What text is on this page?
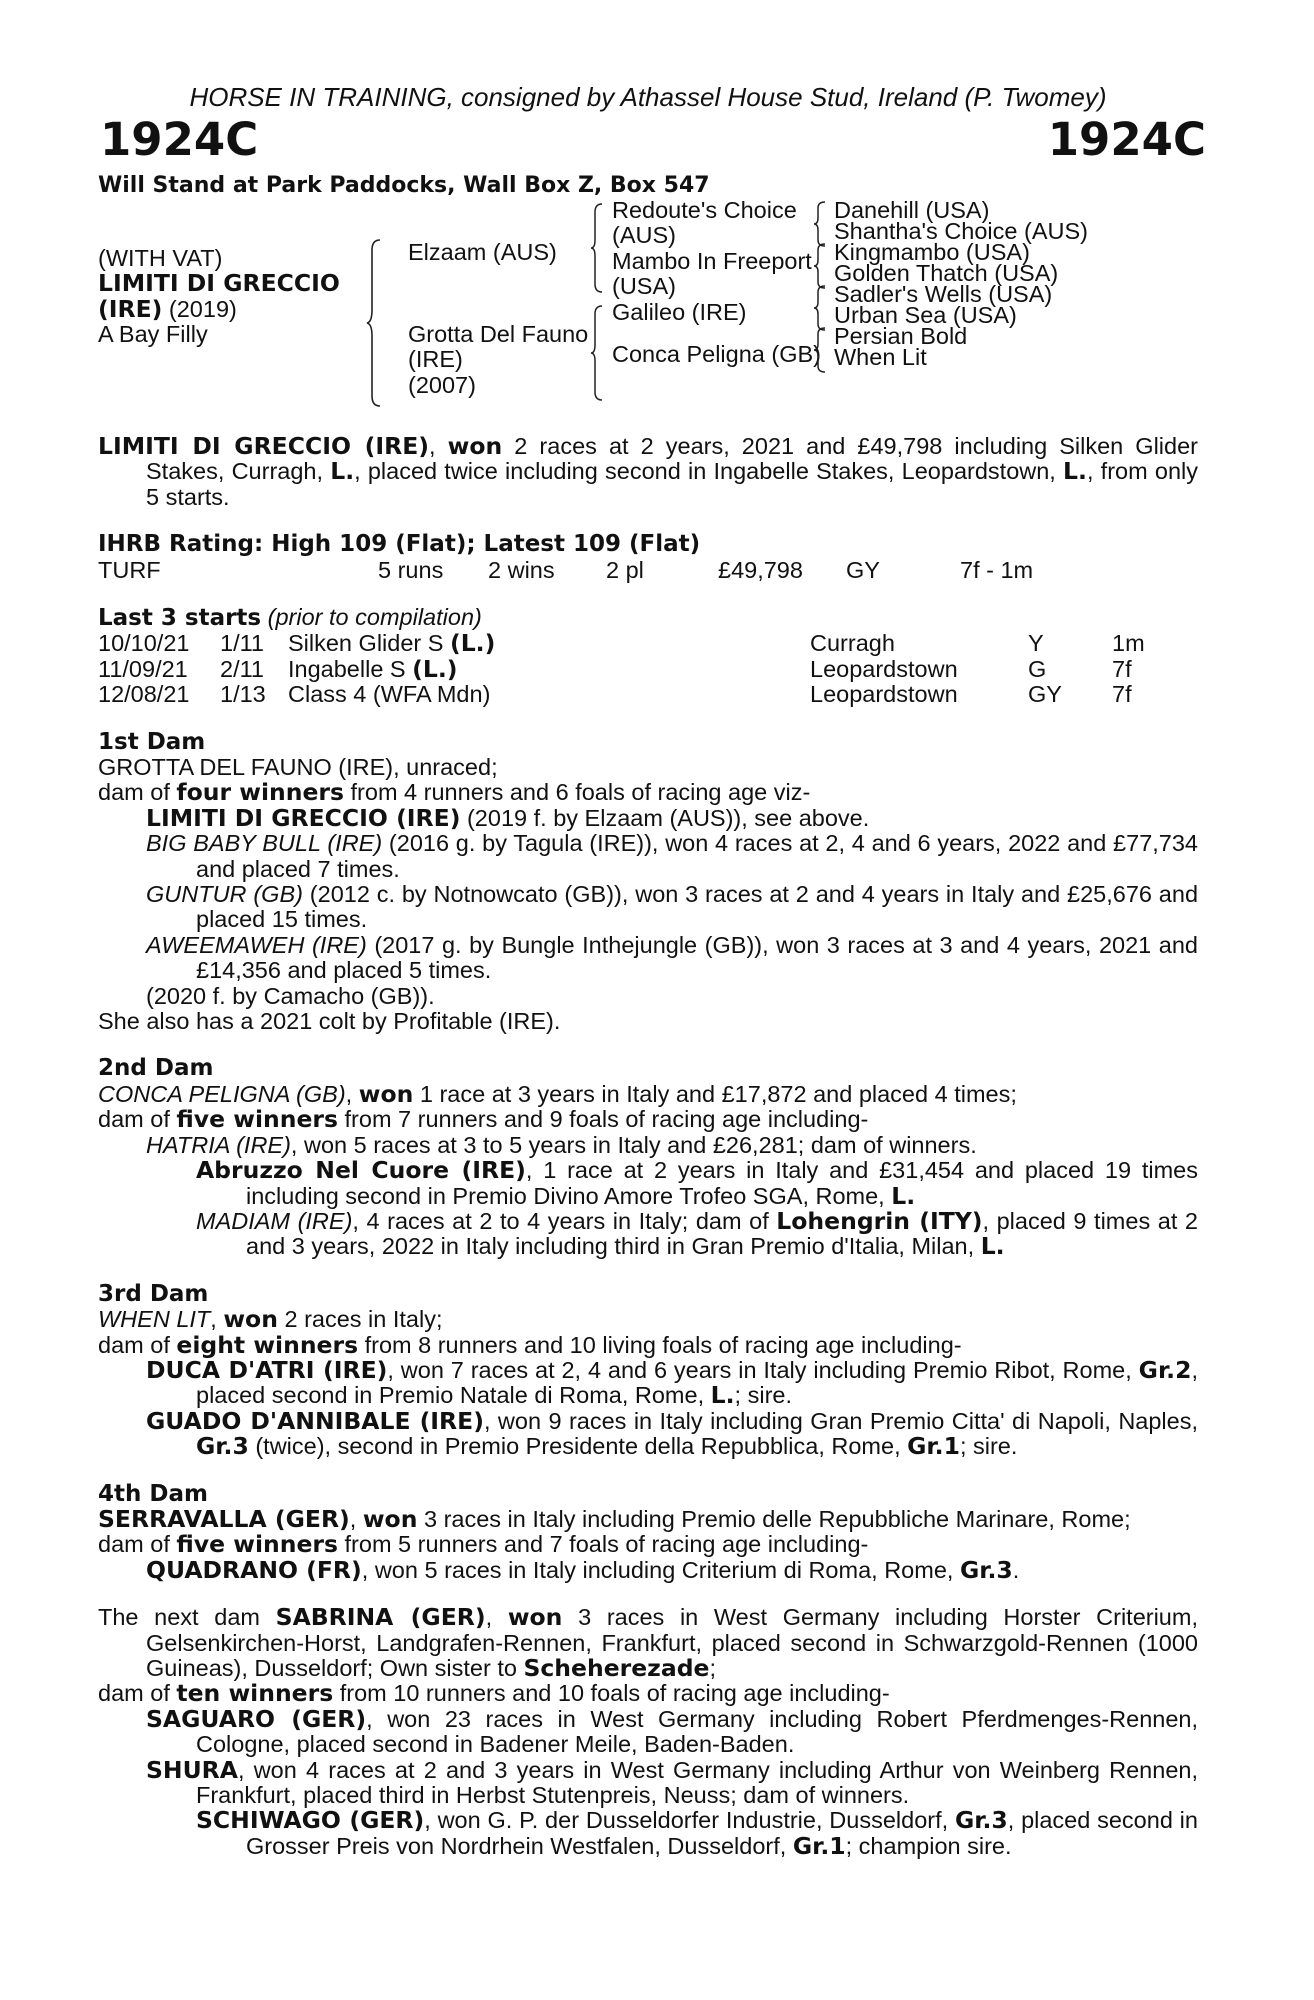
HORSE IN TRAINING, consigned by Athassel House Stud, Ireland (P. Twomey)
1924C	1924C
Will Stand at Park Paddocks, Wall Box Z, Box 547
(WITH VAT)
LIMITI DI GRECCIO
(IRE) (2019)
A Bay Filly
Elzaam (AUS)
Grotta Del Fauno
(IRE)
(2007)
Redoute's Choice
(AUS)
Mambo In Freeport
(USA)
Galileo (IRE)
Conca Peligna (GB)
Danehill (USA)
Shantha's Choice (AUS)
Kingmambo (USA)
Golden Thatch (USA)
Sadler's Wells (USA)
Urban Sea (USA)
Persian Bold
When Lit

LIMITI DI GRECCIO (IRE), won 2 races at 2 years, 2021 and £49,798 including Silken Glider Stakes, Curragh, L., placed twice including second in Ingabelle Stakes, Leopardstown, L., from only 5 starts.

IHRB Rating: High 109 (Flat); Latest 109 (Flat)
TURF	5 runs 2 wins 2 pl	£49,798 GY	7f - 1m
Last 3 starts (prior to compilation)
10/10/21 1/11 Silken Glider S (L.)	Curragh	Y	1m
11/09/21 2/11 Ingabelle S (L.)	Leopardstown	G	7f
12/08/21 1/13 Class 4 (WFA Mdn)	Leopardstown	GY 7f
1st Dam

GROTTA DEL FAUNO (IRE), unraced;

dam of four winners from 4 runners and 6 foals of racing age viz-

LIMITI DI GRECCIO (IRE) (2019 f. by Elzaam (AUS)), see above.

BIG BABY BULL (IRE) (2016 g. by Tagula (IRE)), won 4 races at 2, 4 and 6 years, 2022 and £77,734 and placed 7 times.

GUNTUR (GB) (2012 c. by Notnowcato (GB)), won 3 races at 2 and 4 years in Italy and £25,676 and placed 15 times.

AWEEMAWEH (IRE) (2017 g. by Bungle Inthejungle (GB)), won 3 races at 3 and 4 years, 2021 and £14,356 and placed 5 times.

(2020 f. by Camacho (GB)).

She also has a 2021 colt by Profitable (IRE).

2nd Dam

CONCA PELIGNA (GB), won 1 race at 3 years in Italy and £17,872 and placed 4 times;

dam of five winners from 7 runners and 9 foals of racing age including-

HATRIA (IRE), won 5 races at 3 to 5 years in Italy and £26,281; dam of winners.

Abruzzo Nel Cuore (IRE), 1 race at 2 years in Italy and £31,454 and placed 19 times including second in Premio Divino Amore Trofeo SGA, Rome, L.

MADIAM (IRE), 4 races at 2 to 4 years in Italy; dam of Lohengrin (ITY), placed 9 times at 2 and 3 years, 2022 in Italy including third in Gran Premio d'Italia, Milan, L.

3rd Dam

WHEN LIT, won 2 races in Italy;

dam of eight winners from 8 runners and 10 living foals of racing age including-

DUCA D'ATRI (IRE), won 7 races at 2, 4 and 6 years in Italy including Premio Ribot, Rome, Gr.2, placed second in Premio Natale di Roma, Rome, L.; sire.

GUADO D'ANNIBALE (IRE), won 9 races in Italy including Gran Premio Citta' di Napoli, Naples, Gr.3 (twice), second in Premio Presidente della Repubblica, Rome, Gr.1; sire.

4th Dam

SERRAVALLA (GER), won 3 races in Italy including Premio delle Repubbliche Marinare, Rome;

dam of five winners from 5 runners and 7 foals of racing age including-

QUADRANO (FR), won 5 races in Italy including Criterium di Roma, Rome, Gr.3.

The next dam SABRINA (GER), won 3 races in West Germany including Horster Criterium, Gelsenkirchen-Horst, Landgrafen-Rennen, Frankfurt, placed second in Schwarzgold-Rennen (1000 Guineas), Dusseldorf; Own sister to Scheherezade;

dam of ten winners from 10 runners and 10 foals of racing age including-

SAGUARO (GER), won 23 races in West Germany including Robert Pferdmenges-Rennen, Cologne, placed second in Badener Meile, Baden-Baden.

SHURA, won 4 races at 2 and 3 years in West Germany including Arthur von Weinberg Rennen, Frankfurt, placed third in Herbst Stutenpreis, Neuss; dam of winners.

SCHIWAGO (GER), won G. P. der Dusseldorfer Industrie, Dusseldorf, Gr.3, placed second in Grosser Preis von Nordrhein Westfalen, Dusseldorf, Gr.1; champion sire.
